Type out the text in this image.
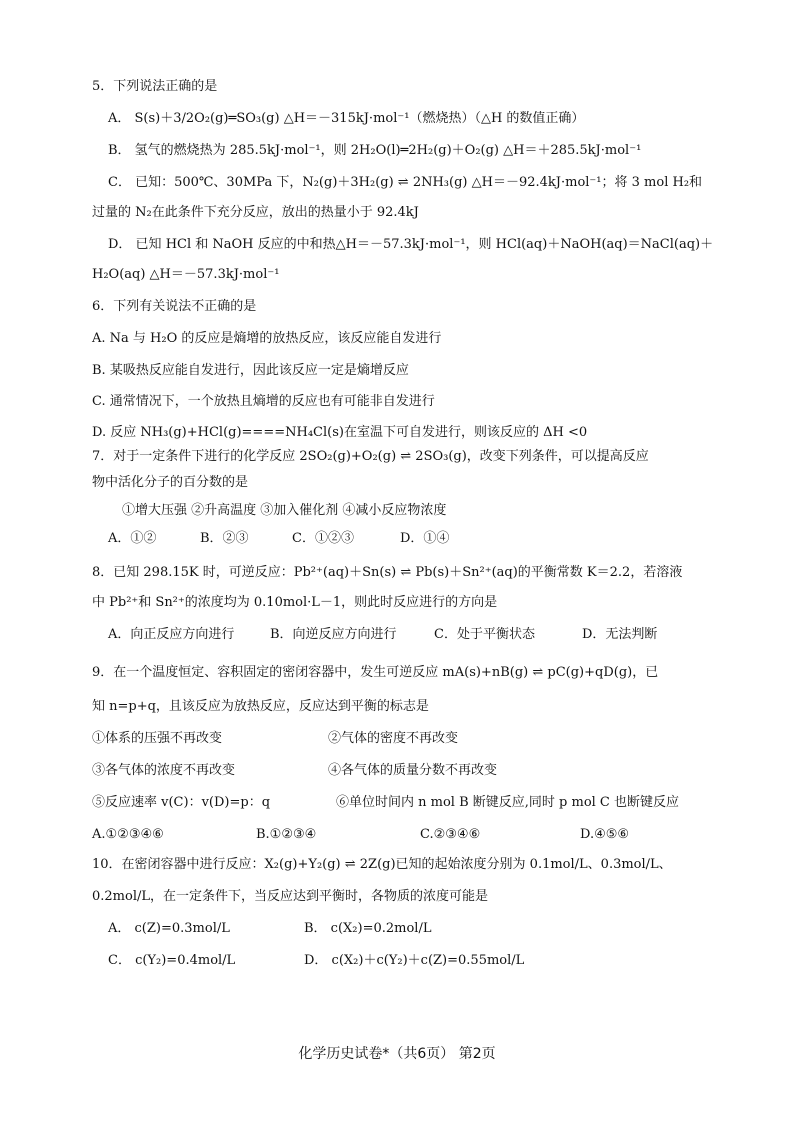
5．下列说法正确的是
A． S(s)＋3/2O₂(g)═SO₃(g) △H＝－315kJ·mol⁻¹（燃烧热）（△H 的数值正确）
B． 氢气的燃烧热为 285.5kJ·mol⁻¹，则 2H₂O(l)═2H₂(g)＋O₂(g) △H＝＋285.5kJ·mol⁻¹
C． 已知：500℃、30MPa 下，N₂(g)＋3H₂(g) ⇌ 2NH₃(g) △H＝－92.4kJ·mol⁻¹；将 3 mol H₂和
过量的 N₂在此条件下充分反应，放出的热量小于 92.4kJ
D． 已知 HCl 和 NaOH 反应的中和热△H＝－57.3kJ·mol⁻¹，则 HCl(aq)＋NaOH(aq)＝NaCl(aq)＋
H₂O(aq) △H＝－57.3kJ·mol⁻¹
6．下列有关说法不正确的是
A. Na 与 H₂O 的反应是熵增的放热反应，该反应能自发进行
B. 某吸热反应能自发进行，因此该反应一定是熵增反应
C. 通常情况下，一个放热且熵增的反应也有可能非自发进行
D. 反应 NH₃(g)+HCl(g)====NH₄Cl(s)在室温下可自发进行，则该反应的 ΔH <0
7．对于一定条件下进行的化学反应 2SO₂(g)+O₂(g) ⇌ 2SO₃(g)，改变下列条件，可以提高反应
物中活化分子的百分数的是
①增大压强 ②升高温度 ③加入催化剂 ④减小反应物浓度
A．①②	B．②③	C．①②③	D．①④
8．已知 298.15K 时，可逆反应：Pb²⁺(aq)＋Sn(s) ⇌ Pb(s)＋Sn²⁺(aq)的平衡常数 K＝2.2，若溶液
中 Pb²⁺和 Sn²⁺的浓度均为 0.10mol·L－1，则此时反应进行的方向是
A．向正反应方向进行	B．向逆反应方向进行	C．处于平衡状态	D．无法判断
9．在一个温度恒定、容积固定的密闭容器中，发生可逆反应 mA(s)+nB(g) ⇌ pC(g)+qD(g)，已
知 n=p+q，且该反应为放热反应，反应达到平衡的标志是
①体系的压强不再改变	②气体的密度不再改变
③各气体的浓度不再改变	④各气体的质量分数不再改变
⑤反应速率 v(C)：v(D)=p：q	⑥单位时间内 n mol B 断键反应,同时 p mol C 也断键反应
A.①②③④⑥	B.①②③④	C.②③④⑥	D.④⑤⑥
10．在密闭容器中进行反应：X₂(g)+Y₂(g) ⇌ 2Z(g)已知的起始浓度分别为 0.1mol/L、0.3mol/L、
0.2mol/L，在一定条件下，当反应达到平衡时，各物质的浓度可能是
A． c(Z)=0.3mol/L	B． c(X₂)=0.2mol/L
C． c(Y₂)=0.4mol/L	D． c(X₂)＋c(Y₂)＋c(Z)=0.55mol/L
化学历史试卷*（共6页） 第2页
